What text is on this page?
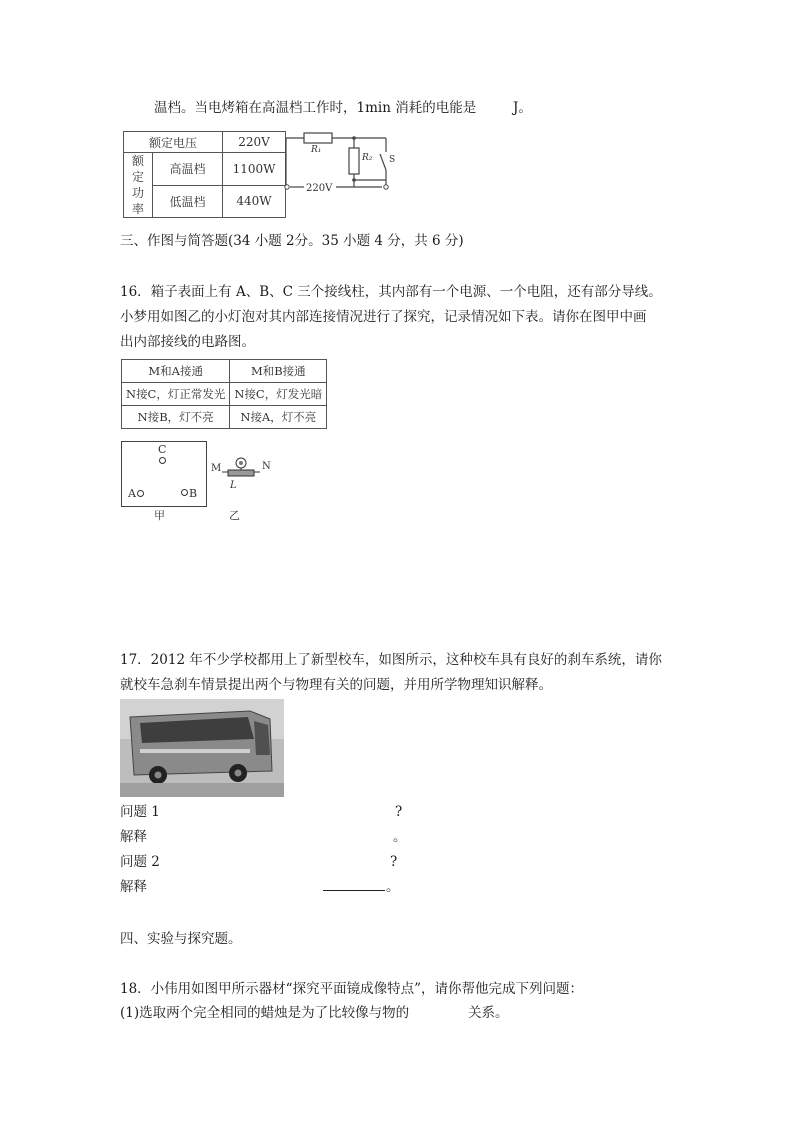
温档。当电烤箱在高温档工作时，1min 消耗的电能是	J。
额定电压		220V
额定功率	高温档	1100W
	低温档	440W
R₁
R₂ S
220V
三、作图与简答题(34 小题 2分。35 小题 4 分，共 6 分)
16．箱子表面上有 A、B、C 三个接线柱，其内部有一个电源、一个电阻，还有部分导线。
小梦用如图乙的小灯泡对其内部连接情况进行了探究，记录情况如下表。请你在图甲中画
出内部接线的电路图。
M和A接通	M和B接通
N接C，灯正常发光	N接C，灯发光暗
N接B，灯不亮	N接A，灯不亮
C
A	B
甲
M	N
L
乙
17．2012 年不少学校都用上了新型校车，如图所示，这种校车具有良好的刹车系统，请你
就校车急刹车情景提出两个与物理有关的问题，并用所学物理知识解释。
问题 1	?
解释	。
问题 2	?
解释	。
四、实验与探究题。
18．小伟用如图甲所示器材“探究平面镜成像特点”，请你帮他完成下列问题：
(1)选取两个完全相同的蜡烛是为了比较像与物的	关系。
